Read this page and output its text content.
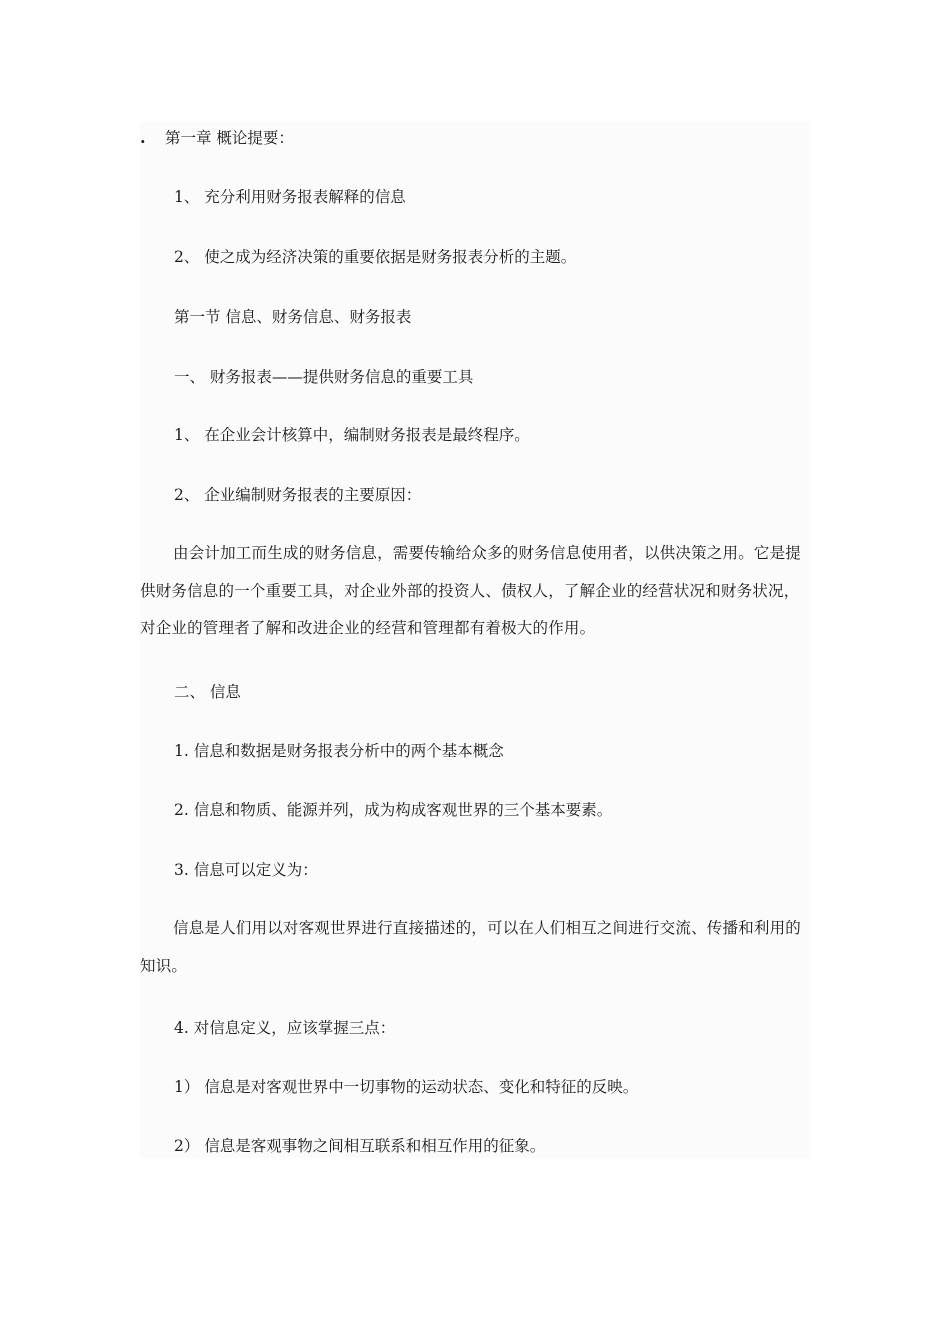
. 第一章 概论提要：
1、 充分利用财务报表解释的信息
2、 使之成为经济决策的重要依据是财务报表分析的主题。
第一节 信息、财务信息、财务报表
一、 财务报表——提供财务信息的重要工具
1、 在企业会计核算中，编制财务报表是最终程序。
2、 企业编制财务报表的主要原因：
由会计加工而生成的财务信息，需要传输给众多的财务信息使用者，以供决策之用。它是提供财务信息的一个重要工具，对企业外部的投资人、债权人，了解企业的经营状况和财务状况，对企业的管理者了解和改进企业的经营和管理都有着极大的作用。
二、 信息
1. 信息和数据是财务报表分析中的两个基本概念
2. 信息和物质、能源并列，成为构成客观世界的三个基本要素。
3. 信息可以定义为：
信息是人们用以对客观世界进行直接描述的，可以在人们相互之间进行交流、传播和利用的知识。
4. 对信息定义，应该掌握三点：
1） 信息是对客观世界中一切事物的运动状态、变化和特征的反映。
2） 信息是客观事物之间相互联系和相互作用的征象。
